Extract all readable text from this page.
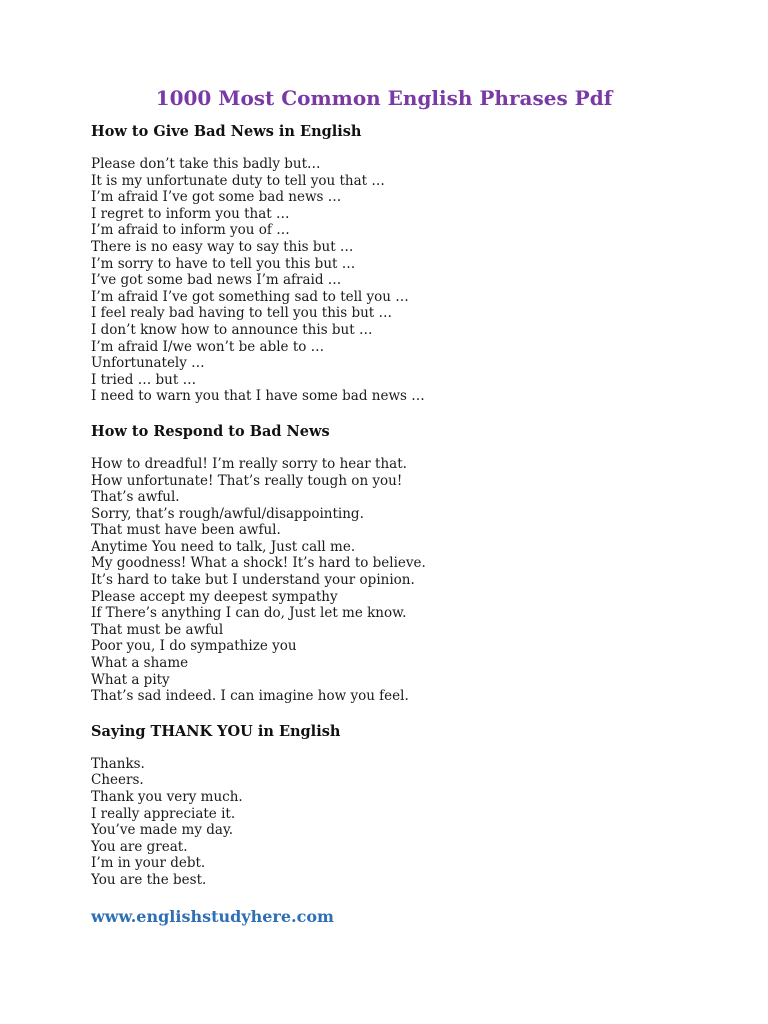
1000 Most Common English Phrases Pdf
How to Give Bad News in English
Please don’t take this badly but…
It is my unfortunate duty to tell you that …
I’m afraid I’ve got some bad news …
I regret to inform you that …
I’m afraid to inform you of …
There is no easy way to say this but …
I’m sorry to have to tell you this but …
I’ve got some bad news I’m afraid …
I’m afraid I’ve got something sad to tell you …
I feel realy bad having to tell you this but …
I don’t know how to announce this but …
I’m afraid I/we won’t be able to …
Unfortunately …
I tried … but …
I need to warn you that I have some bad news …
How to Respond to Bad News
How to dreadful! I’m really sorry to hear that.
How unfortunate! That’s really tough on you!
That’s awful.
Sorry, that’s rough/awful/disappointing.
That must have been awful.
Anytime You need to talk, Just call me.
My goodness! What a shock! It’s hard to believe.
It’s hard to take but I understand your opinion.
Please accept my deepest sympathy
If There’s anything I can do, Just let me know.
That must be awful
Poor you, I do sympathize you
What a shame
What a pity
That’s sad indeed. I can imagine how you feel.
Saying THANK YOU in English
Thanks.
Cheers.
Thank you very much.
I really appreciate it.
You’ve made my day.
You are great.
I’m in your debt.
You are the best.
www.englishstudyhere.com
